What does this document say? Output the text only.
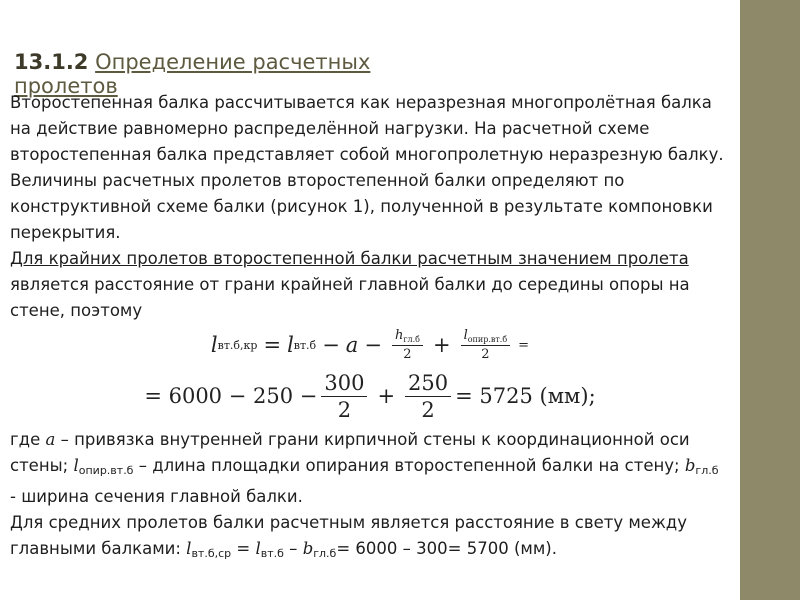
13.1.2 Определение расчетных пролетов

Второстепенная балка рассчитывается как неразрезная многопролётная балка на действие равномерно распределённой нагрузки. На расчетной схеме второстепенная балка представляет собой многопролетную неразрезную балку. Величины расчетных пролетов второстепенной балки определяют по конструктивной схеме балки (рисунок 1), полученной в результате компоновки перекрытия.

Для крайних пролетов второстепенной балки расчетным значением пролета является расстояние от грани крайней главной балки до середины опоры на стене, поэтому

l вт.б,кр = l $вт.б - a - \frac{h_{гл.б}}{2} + \frac{l_{опир.вт.б}}{2}$ =
= $6000 - 250 - \frac{300}{2} + \frac{250}{2} = 5725$ (мм);

где a – привязка внутренней грани кирпичной стены к координационной оси стены; $l_{опир.вт.б}$ – длина площадки опирания второстепенной балки на стену; $b_{гл.б}$ - ширина сечения главной балки.
Для средних пролетов балки расчетным является расстояние в свету между главными балками: $l_{вт.б,ср} = l_{вт.б} - b_{гл.б}= 6000 - 300= 5700$ (мм).
